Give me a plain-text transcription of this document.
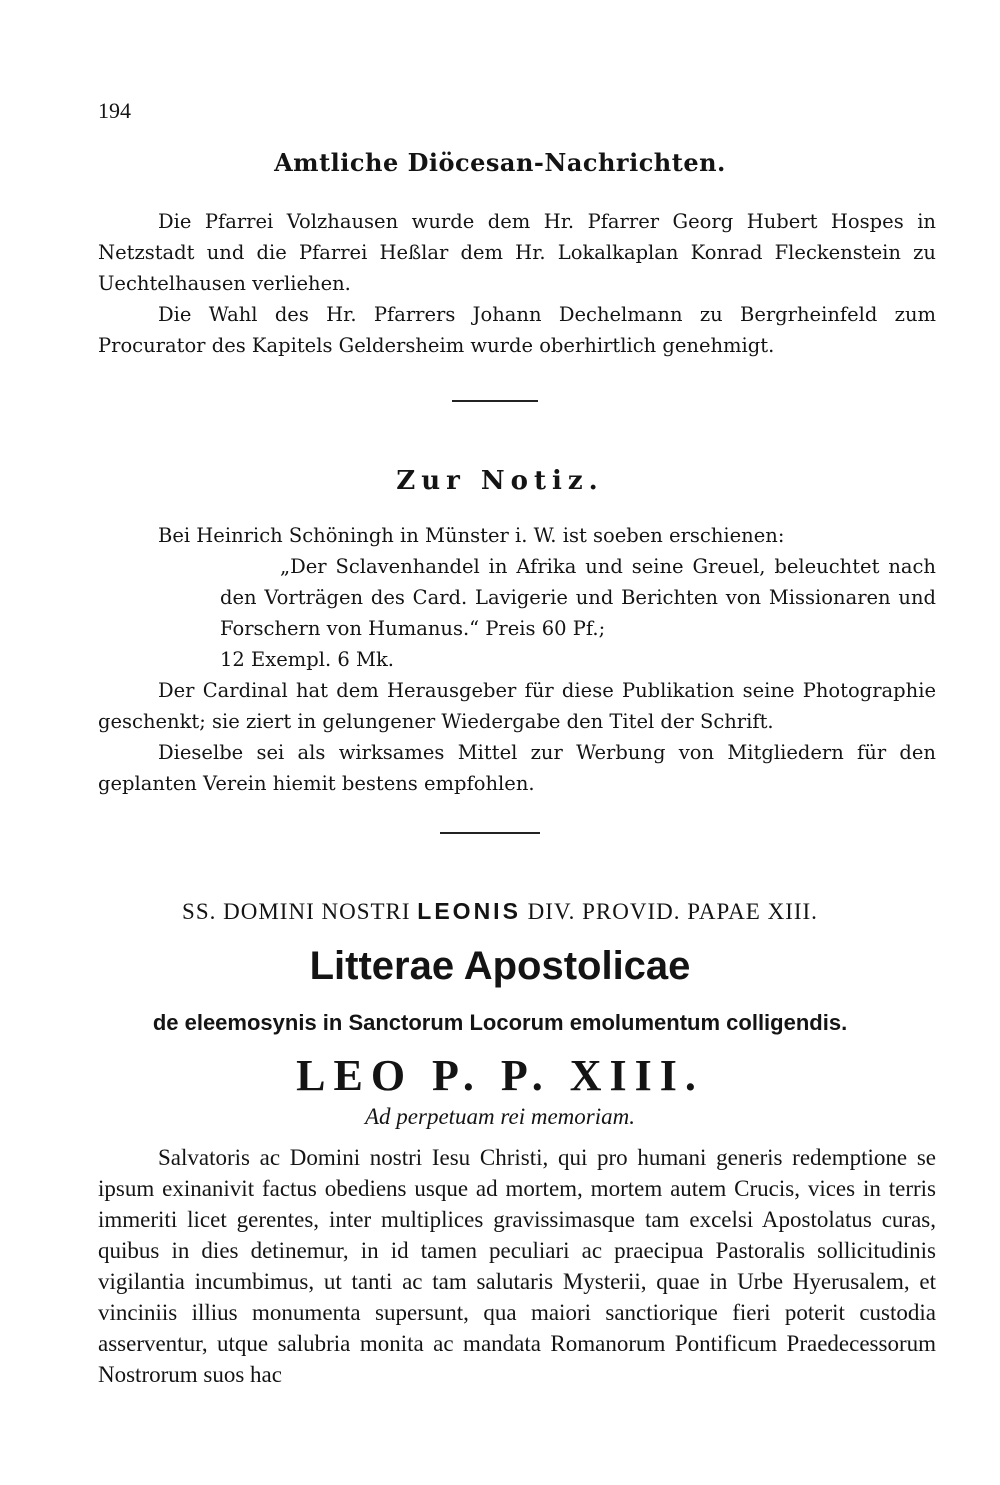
194
Amtliche Diöcesan-Nachrichten.

Die Pfarrei Volzhausen wurde dem Hr. Pfarrer Georg Hubert Hospes in Netzstadt und die Pfarrei Heßlar dem Hr. Lokalkaplan Konrad Fleckenstein zu Uechtelhausen verliehen.

Die Wahl des Hr. Pfarrers Johann Dechelmann zu Bergrheinfeld zum Procurator des Kapitels Geldersheim wurde oberhirtlich genehmigt.

Zur Notiz.

Bei Heinrich Schöningh in Münster i. W. ist soeben erschienen:

„Der Sclavenhandel in Afrika und seine Greuel, beleuchtet nach den Vorträgen des Card. Lavigerie und Berichten von Missionaren und Forschern von Humanus.“ Preis 60 Pf.;

12 Exempl. 6 Mk.

Der Cardinal hat dem Herausgeber für diese Publikation seine Photographie geschenkt; sie ziert in gelungener Wiedergabe den Titel der Schrift.

Dieselbe sei als wirksames Mittel zur Werbung von Mitgliedern für den geplanten Verein hiemit bestens empfohlen.

SS. DOMINI NOSTRI LEONIS DIV. PROVID. PAPAE XIII.
Litterae Apostolicae
de eleemosynis in Sanctorum Locorum emolumentum colligendis.
LEO P. P. XIII.
Ad perpetuam rei memoriam.

Salvatoris ac Domini nostri Iesu Christi, qui pro humani generis redemptione se ipsum exinanivit factus obediens usque ad mortem, mortem autem Crucis, vices in terris immeriti licet gerentes, inter multiplices gravissimasque tam excelsi Apostolatus curas, quibus in dies detinemur, in id tamen peculiari ac praecipua Pastoralis sollicitudinis vigilantia incumbimus, ut tanti ac tam salutaris Mysterii, quae in Urbe Hyerusalem, et vinciniis illius monumenta supersunt, qua maiori sanctiorique fieri poterit custodia asserventur, utque salubria monita ac mandata Romanorum Pontificum Praedecessorum Nostrorum suos hac
